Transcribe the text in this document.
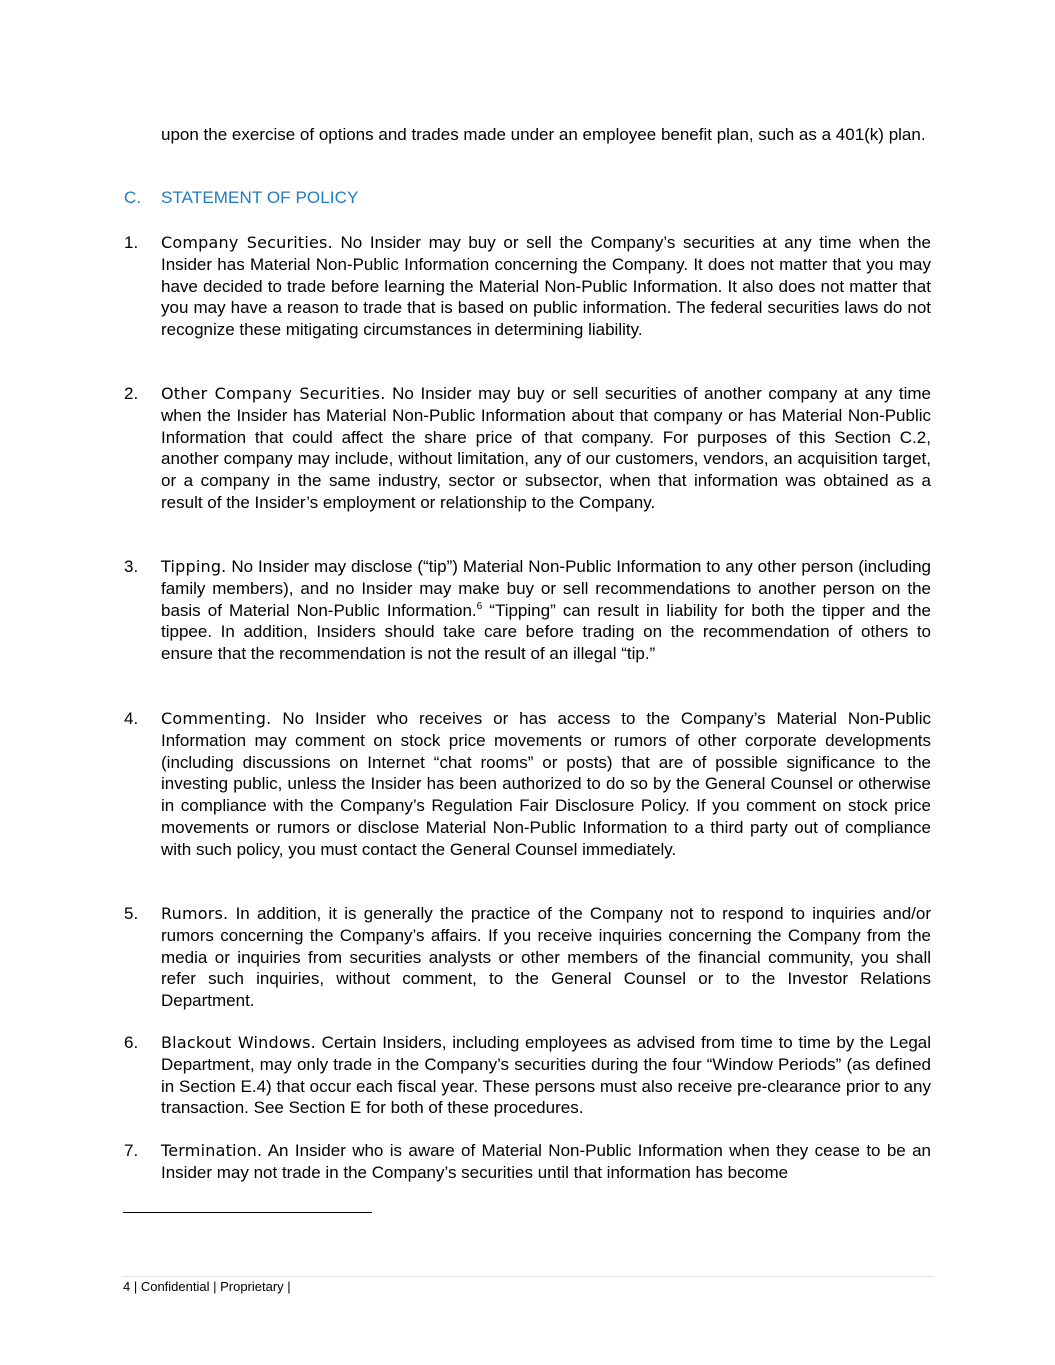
upon the exercise of options and trades made under an employee benefit plan, such as a 401(k) plan.
C. STATEMENT OF POLICY
1. Company Securities. No Insider may buy or sell the Company’s securities at any time when the Insider has Material Non-Public Information concerning the Company. It does not matter that you may have decided to trade before learning the Material Non-Public Information. It also does not matter that you may have a reason to trade that is based on public information. The federal securities laws do not recognize these mitigating circumstances in determining liability.
2. Other Company Securities. No Insider may buy or sell securities of another company at any time when the Insider has Material Non-Public Information about that company or has Material Non-Public Information that could affect the share price of that company. For purposes of this Section C.2, another company may include, without limitation, any of our customers, vendors, an acquisition target, or a company in the same industry, sector or subsector, when that information was obtained as a result of the Insider’s employment or relationship to the Company.
3. Tipping. No Insider may disclose (“tip”) Material Non-Public Information to any other person (including family members), and no Insider may make buy or sell recommendations to another person on the basis of Material Non-Public Information.$^6$ “Tipping” can result in liability for both the tipper and the tippee. In addition, Insiders should take care before trading on the recommendation of others to ensure that the recommendation is not the result of an illegal “tip.”
4. Commenting. No Insider who receives or has access to the Company’s Material Non-Public Information may comment on stock price movements or rumors of other corporate developments (including discussions on Internet “chat rooms” or posts) that are of possible significance to the investing public, unless the Insider has been authorized to do so by the General Counsel or otherwise in compliance with the Company’s Regulation Fair Disclosure Policy. If you comment on stock price movements or rumors or disclose Material Non-Public Information to a third party out of compliance with such policy, you must contact the General Counsel immediately.
5. Rumors. In addition, it is generally the practice of the Company not to respond to inquiries and/or rumors concerning the Company’s affairs. If you receive inquiries concerning the Company from the media or inquiries from securities analysts or other members of the financial community, you shall refer such inquiries, without comment, to the General Counsel or to the Investor Relations Department.
6. Blackout Windows. Certain Insiders, including employees as advised from time to time by the Legal Department, may only trade in the Company’s securities during the four “Window Periods” (as defined in Section E.4) that occur each fiscal year. These persons must also receive pre-clearance prior to any transaction. See Section E for both of these procedures.
7. Termination. An Insider who is aware of Material Non-Public Information when they cease to be an Insider may not trade in the Company’s securities until that information has become
4 | Confidential | Proprietary |
